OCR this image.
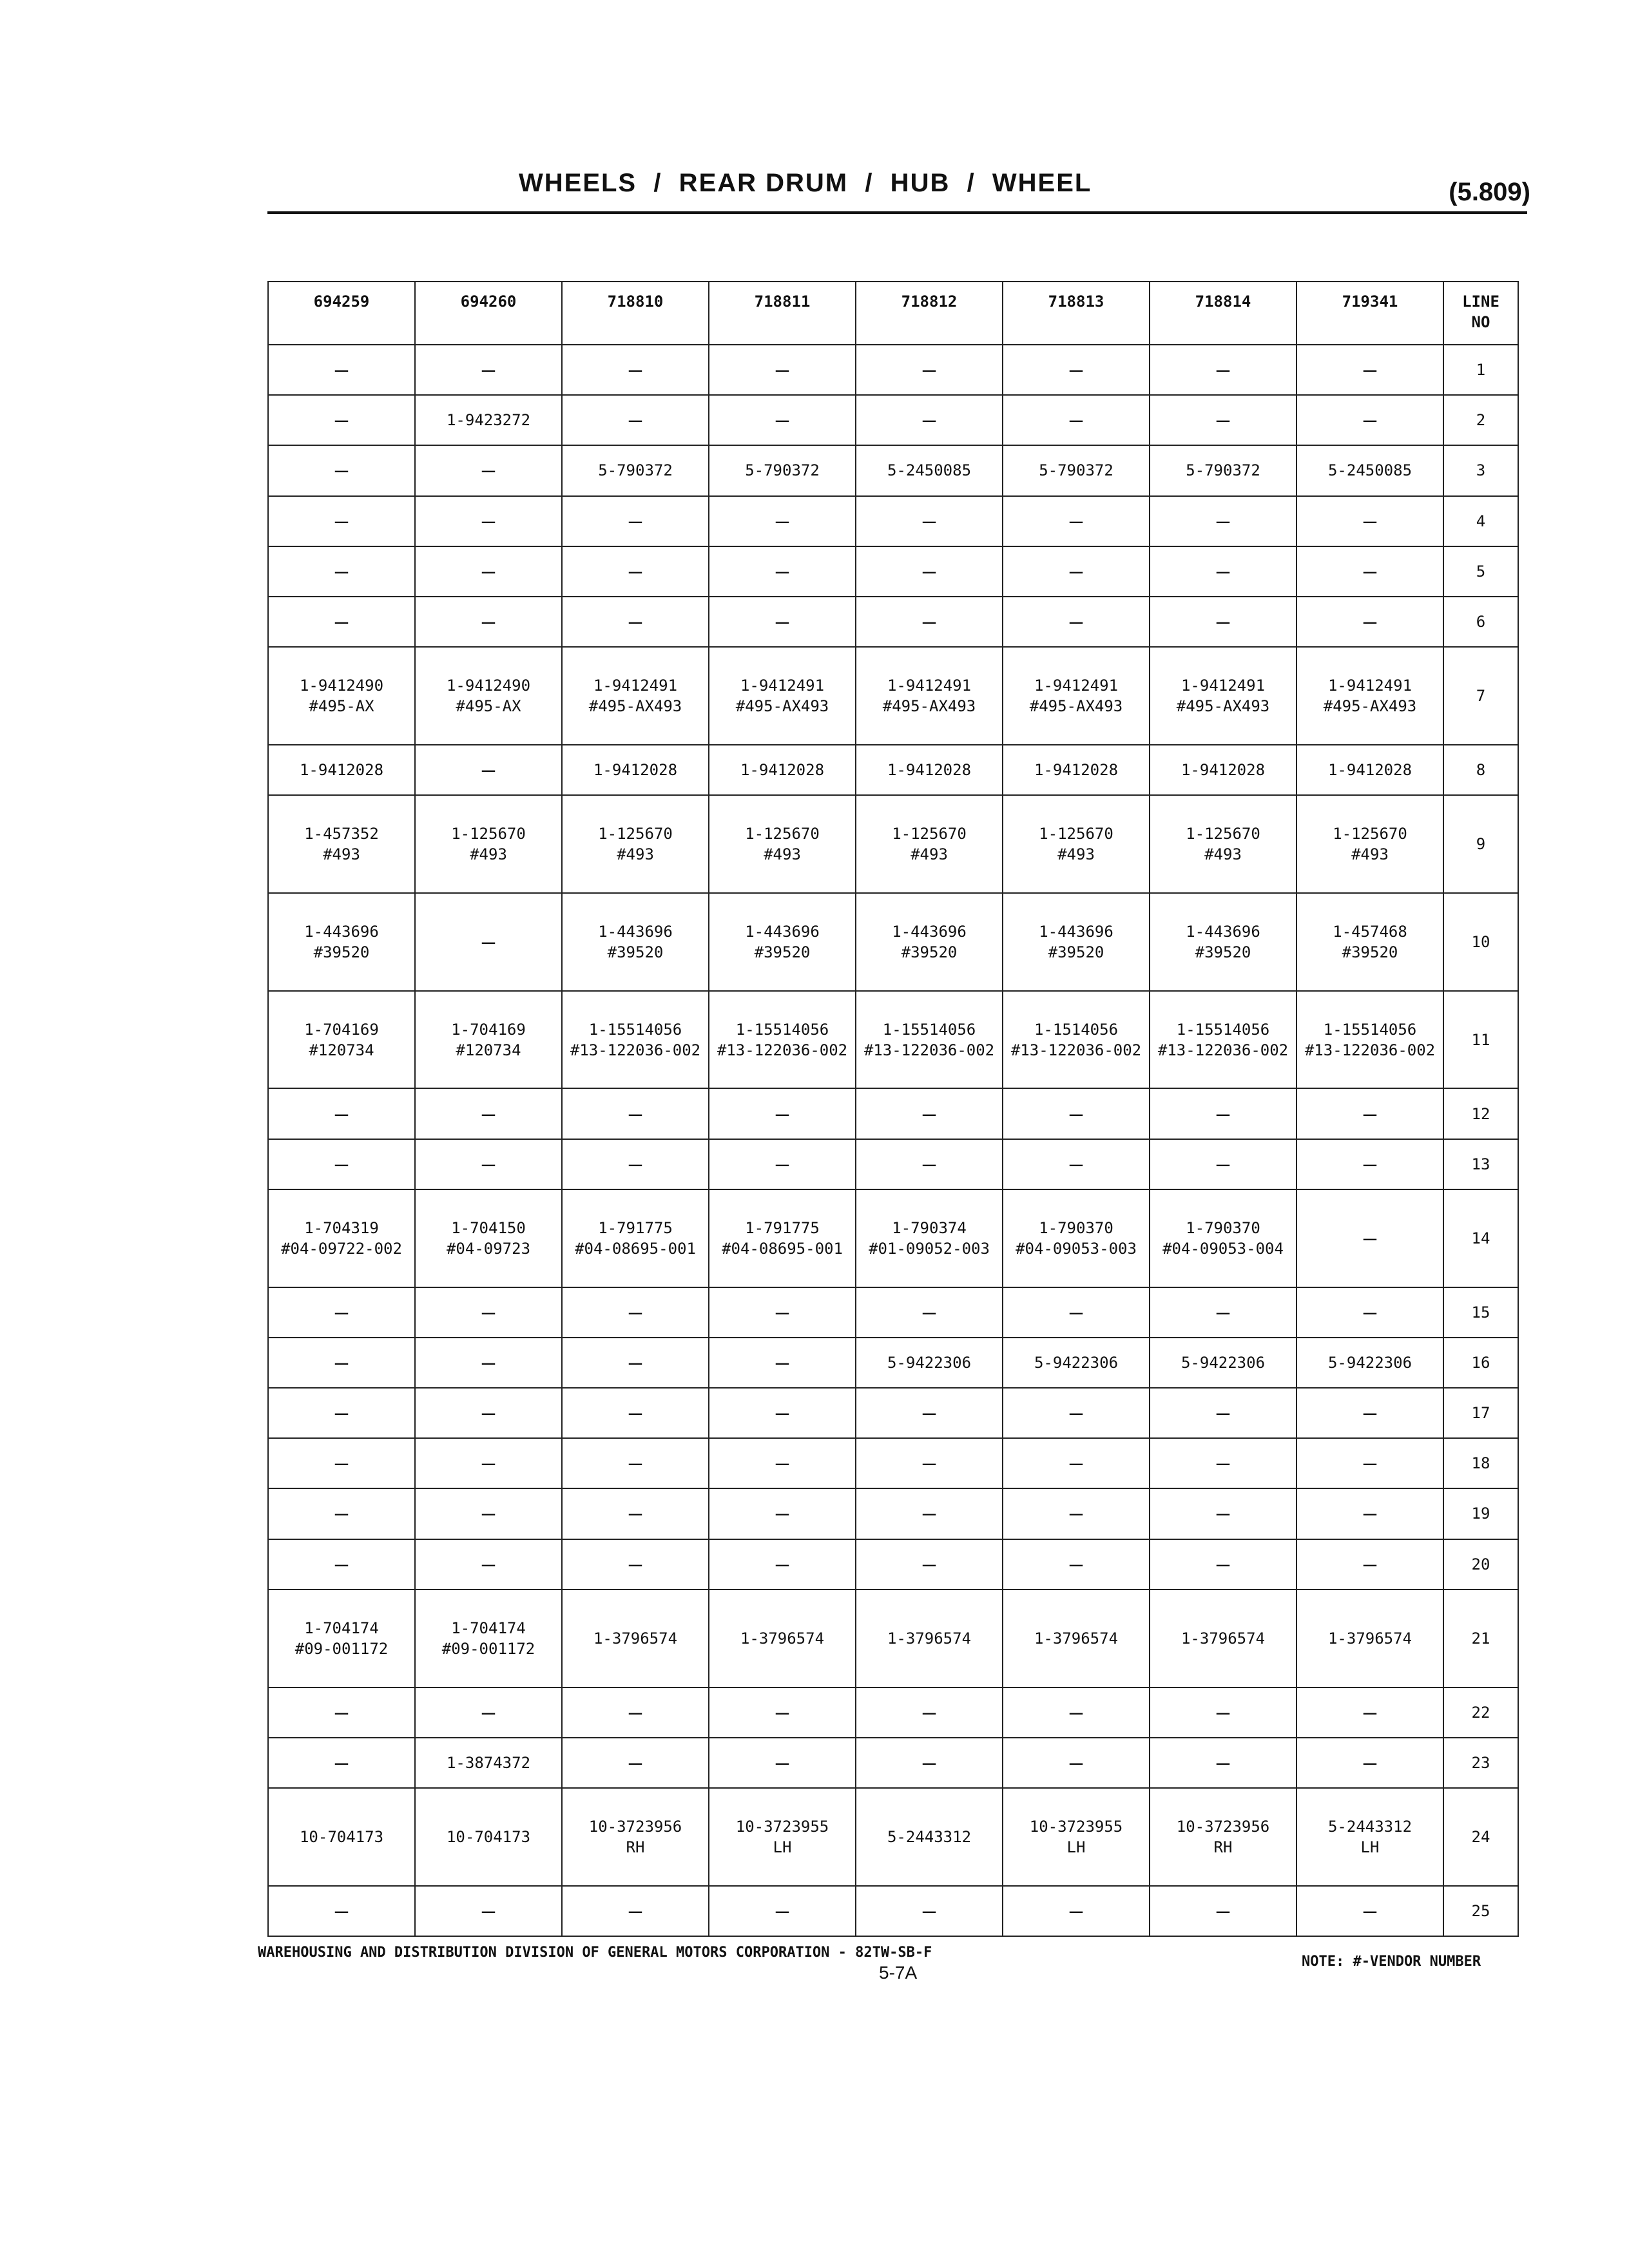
WHEELS  /  REAR DRUM  /  HUB  /  WHEEL	(5.809)
694259	694260	718810	718811	718812	718813	718814	719341	LINE
NO
—	—	—	—	—	—	—	—	1
—	1-9423272	—	—	—	—	—	—	2
—	—	5-790372	5-790372	5-2450085	5-790372	5-790372	5-2450085	3
—	—	—	—	—	—	—	—	4
—	—	—	—	—	—	—	—	5
—	—	—	—	—	—	—	—	6
1-9412490
#495-AX	1-9412490
#495-AX	1-9412491
#495-AX493	1-9412491
#495-AX493	1-9412491
#495-AX493	1-9412491
#495-AX493	1-9412491
#495-AX493	1-9412491
#495-AX493	7
1-9412028	—	1-9412028	1-9412028	1-9412028	1-9412028	1-9412028	1-9412028	8
1-457352
#493	1-125670
#493	1-125670
#493	1-125670
#493	1-125670
#493	1-125670
#493	1-125670
#493	1-125670
#493	9
1-443696
#39520	—	1-443696
#39520	1-443696
#39520	1-443696
#39520	1-443696
#39520	1-443696
#39520	1-457468
#39520	10
1-704169
#120734	1-704169
#120734	1-15514056
#13-122036-002	1-15514056
#13-122036-002	1-15514056
#13-122036-002	1-1514056
#13-122036-002	1-15514056
#13-122036-002	1-15514056
#13-122036-002	11
—	—	—	—	—	—	—	—	12
—	—	—	—	—	—	—	—	13
1-704319
#04-09722-002	1-704150
#04-09723	1-791775
#04-08695-001	1-791775
#04-08695-001	1-790374
#01-09052-003	1-790370
#04-09053-003	1-790370
#04-09053-004	—	14
—	—	—	—	—	—	—	—	15
—	—	—	—	5-9422306	5-9422306	5-9422306	5-9422306	16
—	—	—	—	—	—	—	—	17
—	—	—	—	—	—	—	—	18
—	—	—	—	—	—	—	—	19
—	—	—	—	—	—	—	—	20
1-704174
#09-001172	1-704174
#09-001172	1-3796574	1-3796574	1-3796574	1-3796574	1-3796574	1-3796574	21
—	—	—	—	—	—	—	—	22
—	1-3874372	—	—	—	—	—	—	23
10-704173	10-704173	10-3723956
RH	10-3723955
LH	5-2443312	10-3723955
LH	10-3723956
RH	5-2443312
LH	24
—	—	—	—	—	—	—	—	25
WAREHOUSING AND DISTRIBUTION DIVISION OF GENERAL MOTORS CORPORATION - 82TW-SB-F
5-7A
NOTE: #-VENDOR NUMBER
